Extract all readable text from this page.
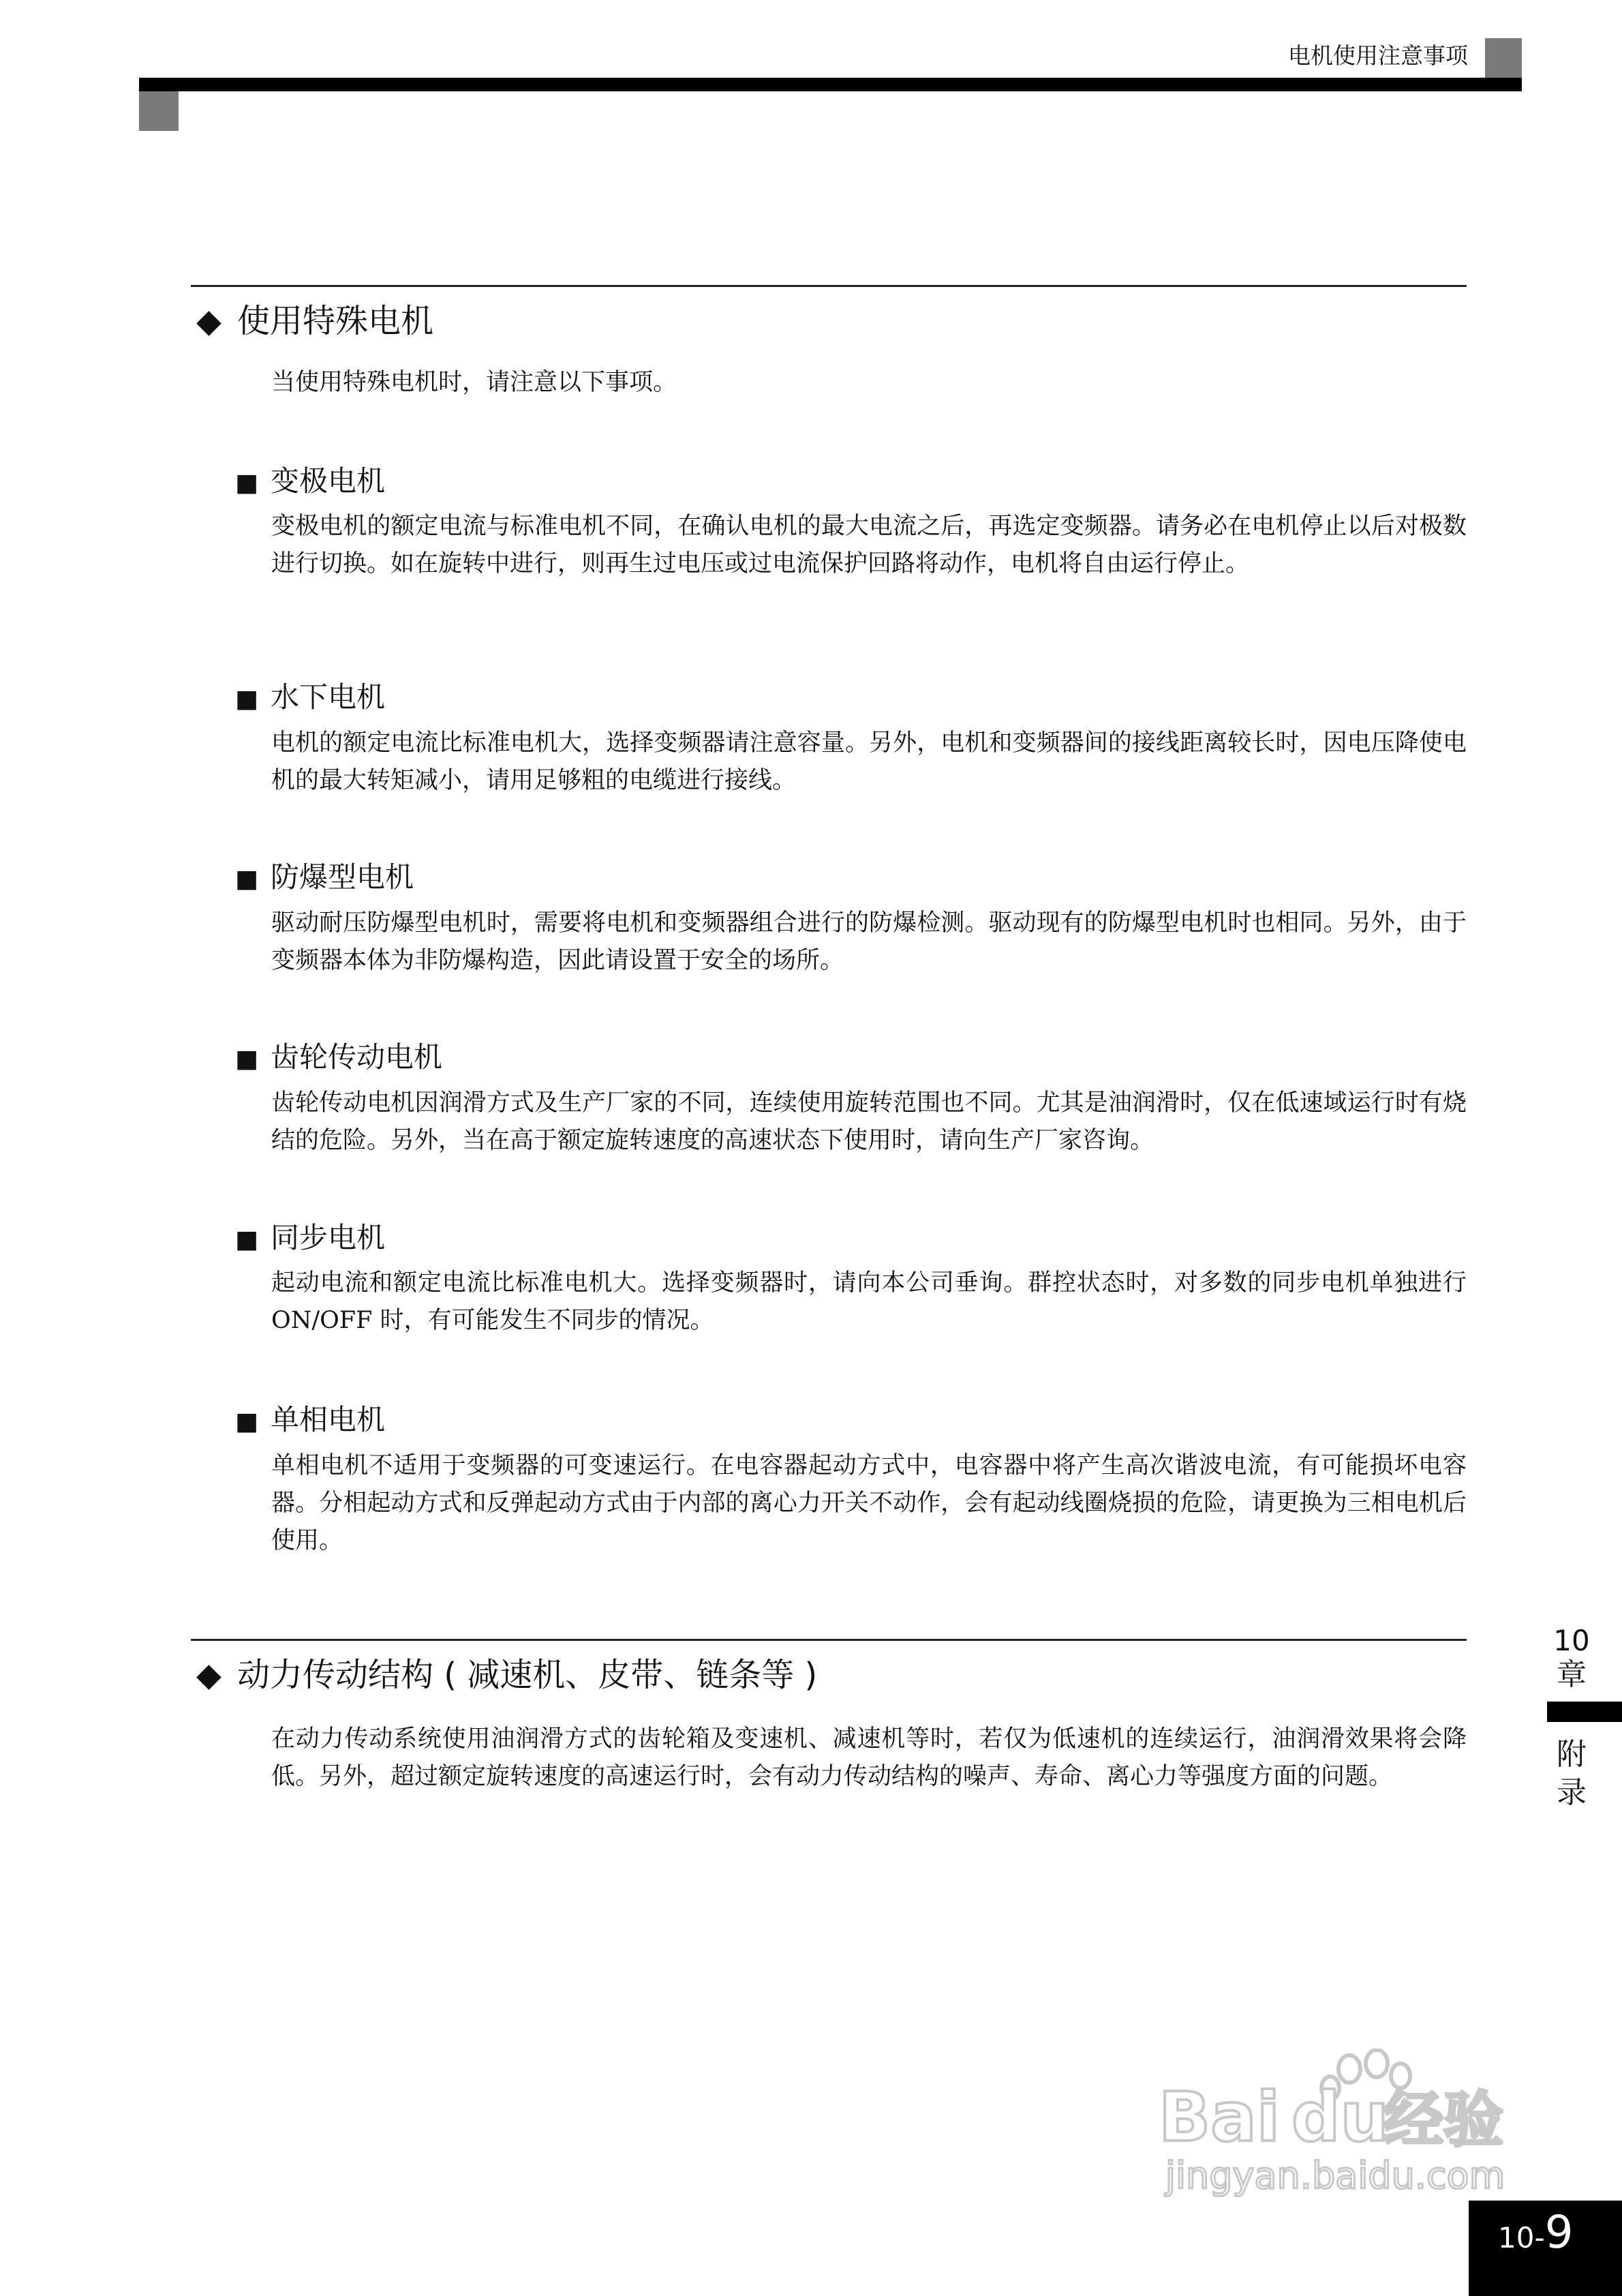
电机使用注意事项
◆ 使用特殊电机
当使用特殊电机时，请注意以下事项。
■ 变极电机
变极电机的额定电流与标准电机不同，在确认电机的最大电流之后，再选定变频器。请务必在电机停止以后对极数进行切换。如在旋转中进行，则再生过电压或过电流保护回路将动作，电机将自由运行停止。
■ 水下电机
电机的额定电流比标准电机大，选择变频器请注意容量。另外，电机和变频器间的接线距离较长时，因电压降使电机的最大转矩减小，请用足够粗的电缆进行接线。
■ 防爆型电机
驱动耐压防爆型电机时，需要将电机和变频器组合进行的防爆检测。驱动现有的防爆型电机时也相同。另外，由于变频器本体为非防爆构造，因此请设置于安全的场所。
■ 齿轮传动电机
齿轮传动电机因润滑方式及生产厂家的不同，连续使用旋转范围也不同。尤其是油润滑时，仅在低速域运行时有烧结的危险。另外，当在高于额定旋转速度的高速状态下使用时，请向生产厂家咨询。
■ 同步电机
起动电流和额定电流比标准电机大。选择变频器时，请向本公司垂询。群控状态时，对多数的同步电机单独进行 ON/OFF 时，有可能发生不同步的情况。
■ 单相电机
单相电机不适用于变频器的可变速运行。在电容器起动方式中，电容器中将产生高次谐波电流，有可能损坏电容器。分相起动方式和反弹起动方式由于内部的离心力开关不动作，会有起动线圈烧损的危险，请更换为三相电机后使用。
◆ 动力传动结构 ( 减速机、皮带、链条等 )
在动力传动系统使用油润滑方式的齿轮箱及变速机、减速机等时，若仅为低速机的连续运行，油润滑效果将会降低。另外，超过额定旋转速度的高速运行时，会有动力传动结构的噪声、寿命、离心力等强度方面的问题。
10
章
附
录
Bai du
经验
jingyan.baidu.com
10-9
